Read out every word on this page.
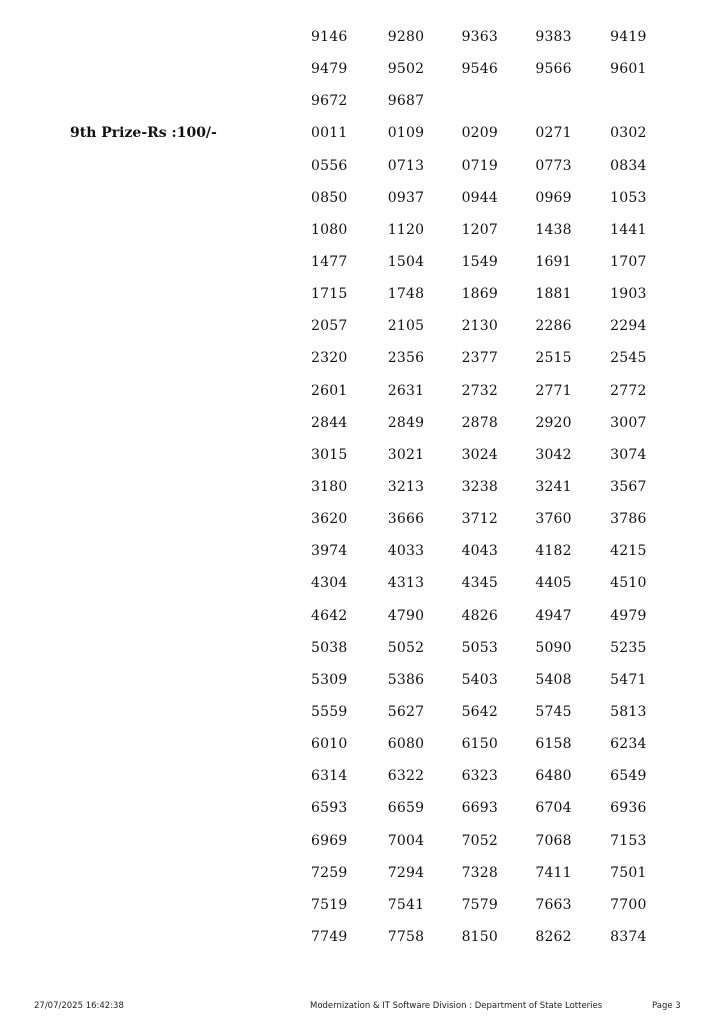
9th Prize-Rs :100/-
9146	9280	9363	9383	9419
9479	9502	9546	9566	9601
9672	9687
0011	0109	0209	0271	0302
0556	0713	0719	0773	0834
0850	0937	0944	0969	1053
1080	1120	1207	1438	1441
1477	1504	1549	1691	1707
1715	1748	1869	1881	1903
2057	2105	2130	2286	2294
2320	2356	2377	2515	2545
2601	2631	2732	2771	2772
2844	2849	2878	2920	3007
3015	3021	3024	3042	3074
3180	3213	3238	3241	3567
3620	3666	3712	3760	3786
3974	4033	4043	4182	4215
4304	4313	4345	4405	4510
4642	4790	4826	4947	4979
5038	5052	5053	5090	5235
5309	5386	5403	5408	5471
5559	5627	5642	5745	5813
6010	6080	6150	6158	6234
6314	6322	6323	6480	6549
6593	6659	6693	6704	6936
6969	7004	7052	7068	7153
7259	7294	7328	7411	7501
7519	7541	7579	7663	7700
7749	7758	8150	8262	8374
27/07/2025 16:42:38	Modernization & IT Software Division : Department of State Lotteries	Page 3
